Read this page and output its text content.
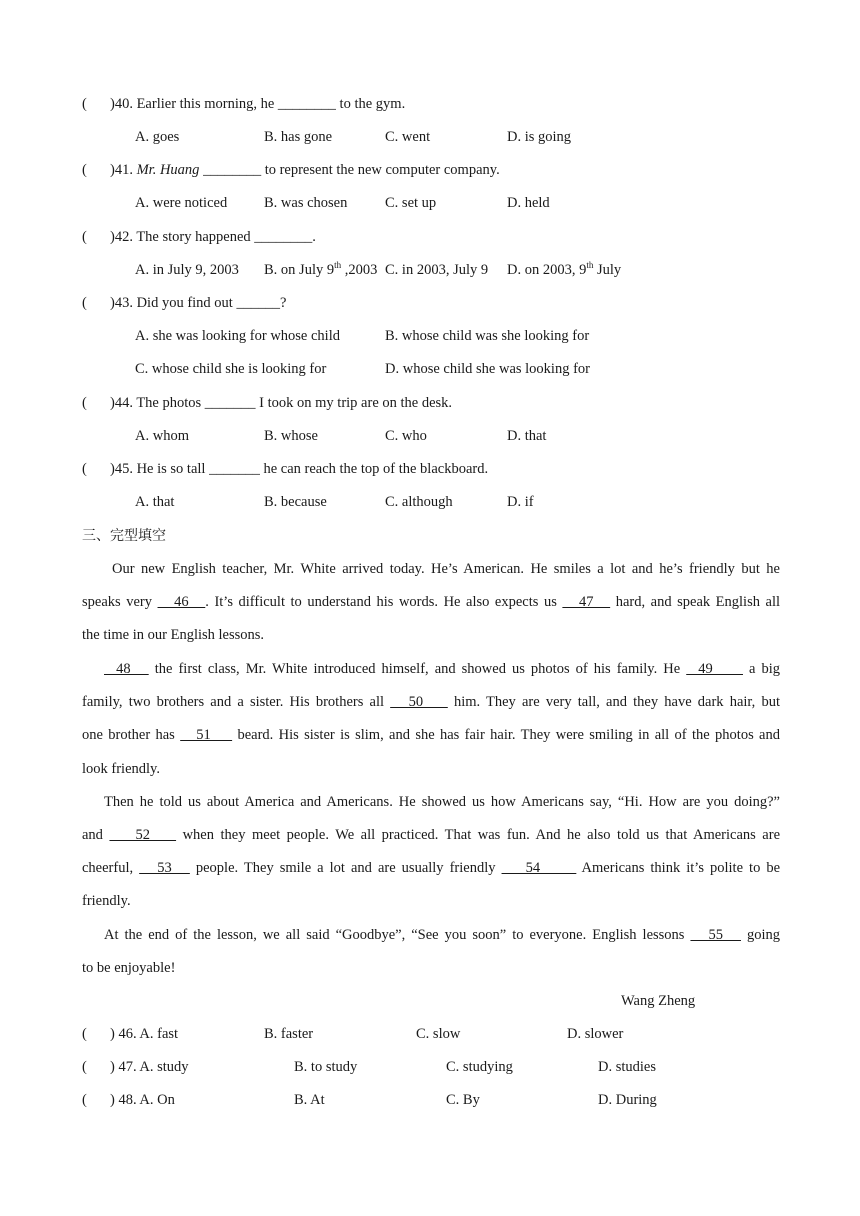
( )40. Earlier this morning, he ________ to the gym.
A. goes	B. has gone	C. went	D. is going
( )41. Mr. Huang ________ to represent the new computer company.
A. were noticed	B. was chosen	C. set up	D. held
( )42. The story happened ________.
A. in July 9, 2003 B. on July 9th ,2003 C. in 2003, July 9 D. on 2003, 9th July
( )43. Did you find out ______?
A. she was looking for whose child	B. whose child was she looking for
C. whose child she is looking for	D. whose child she was looking for
( )44. The photos _______ I took on my trip are on the desk.
A. whom	B. whose	C. who	D. that
( )45. He is so tall _______ he can reach the top of the blackboard.
A. that	B. because	C. although	D. if
三、完型填空
Our new English teacher, Mr. White arrived today. He’s American. He smiles a lot and he’s friendly but he
speaks very    46   . It’s difficult to understand his words. He also expects us    47    hard, and speak English all
the time in our English lessons.
48    the first class, Mr. White introduced himself, and showed us photos of his family. He   49      a big
family, two brothers and a sister. His brothers all    50     him. They are very tall, and they have dark hair, but
one brother has    51     beard. His sister is slim, and she has fair hair. They were smiling in all of the photos and
look friendly.
Then he told us about America and Americans. He showed us how Americans say, “Hi. How are you doing?”
and     52     when they meet people. We all practiced. That was fun. And he also told us that Americans are
cheerful,    53    people. They smile a lot and are usually friendly     54       Americans think it’s polite to be
friendly.
At the end of the lesson, we all said “Goodbye”, “See you soon” to everyone. English lessons    55    going
to be enjoyable!
Wang Zheng
( ) 46. A. fast	B. faster	C. slow	D. slower
( ) 47. A. study	B. to study	C. studying	D. studies
( ) 48. A. On	B. At	C. By	D. During
